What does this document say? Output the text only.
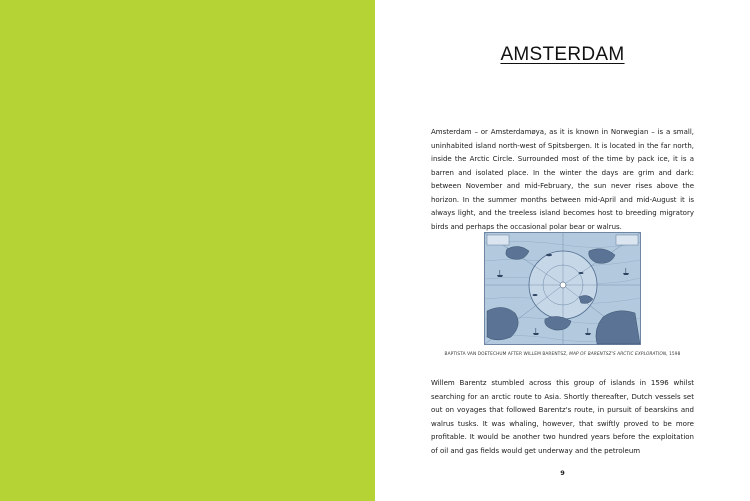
AMSTERDAM

Amsterdam – or Amsterdamøya, as it is known in Norwegian – is a small, uninhabited island north-west of Spitsbergen. It is located in the far north, inside the Arctic Circle. Surrounded most of the time by pack ice, it is a barren and isolated place. In the winter the days are grim and dark: between November and mid-February, the sun never rises above the horizon. In the summer months between mid-April and mid-August it is always light, and the treeless island becomes host to breeding migratory birds and perhaps the occasional polar bear or walrus.

BAPTISTA VAN DOETECHUM AFTER WILLEM BARENTSZ, MAP OF BARENTSZ'S ARCTIC EXPLORATION, 1598

Willem Barentz stumbled across this group of islands in 1596 whilst searching for an arctic route to Asia. Shortly thereafter, Dutch vessels set out on voyages that followed Barentz's route, in pursuit of bearskins and walrus tusks. It was whaling, however, that swiftly proved to be more profitable. It would be another two hundred years before the exploitation of oil and gas fields would get underway and the petroleum

9
